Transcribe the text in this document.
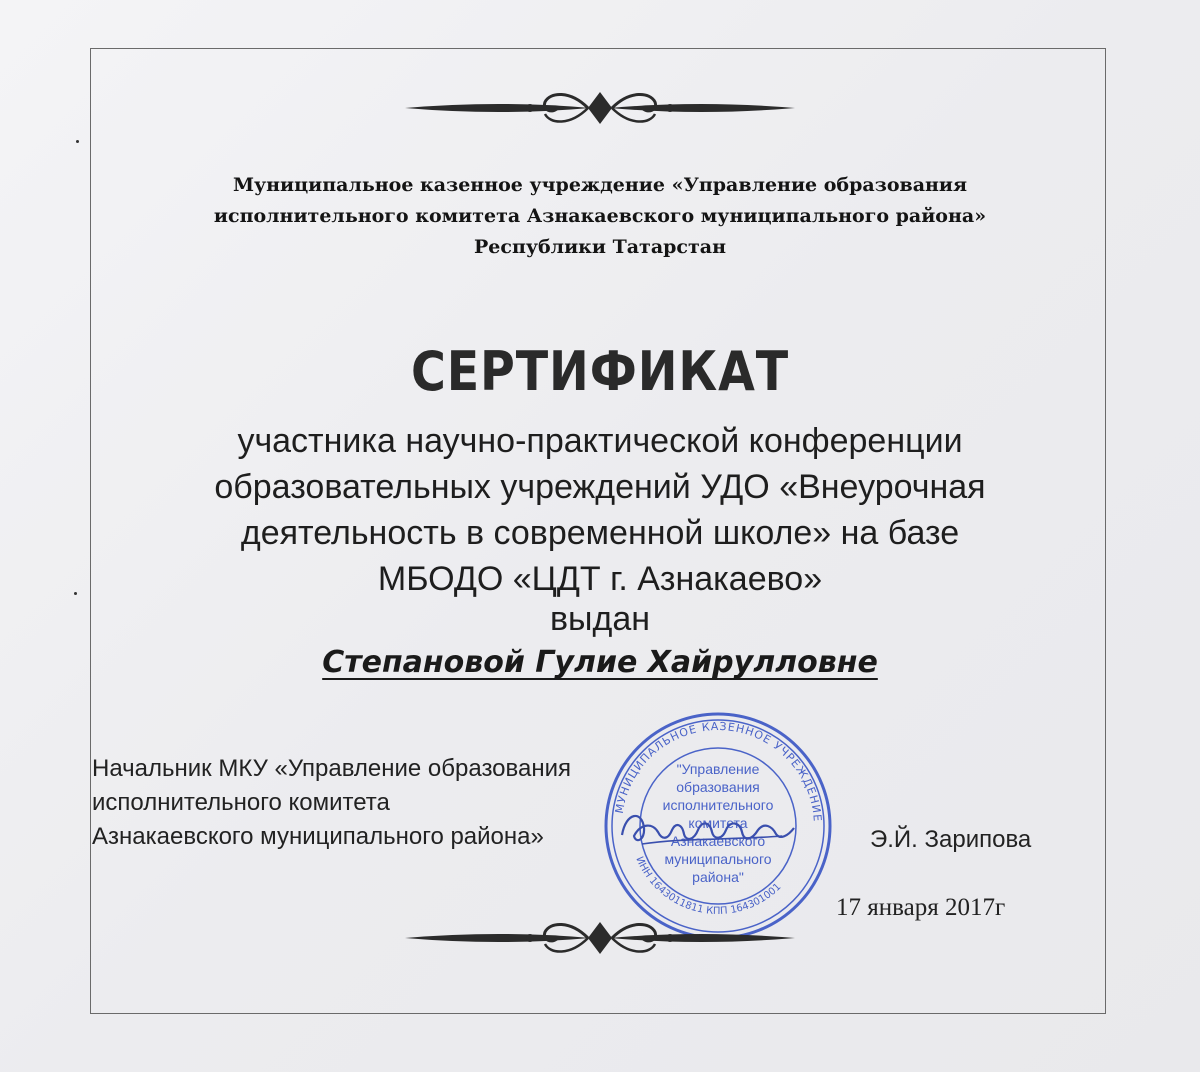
Муниципальное казенное учреждение «Управление образования
исполнительного комитета Азнакаевского муниципального района»
Республики Татарстан
СЕРТИФИКАТ
участника научно-практической конференции
образовательных учреждений УДО «Внеурочная
деятельность в современной школе» на базе
МБОДО «ЦДТ г. Азнакаево»
выдан
Степановой Гулие Хайрулловне
Начальник МКУ «Управление образования
исполнительного комитета
Азнакаевского муниципального района»
МУНИЦИПАЛЬНОЕ КАЗЕННОЕ УЧРЕЖДЕНИЕ
ИНН 1643011811 КПП 164301001
"Управление
образования
исполнительного
комитета
Азнакаевского
муниципального
района"
Э.Й. Зарипова
17 января 2017г
